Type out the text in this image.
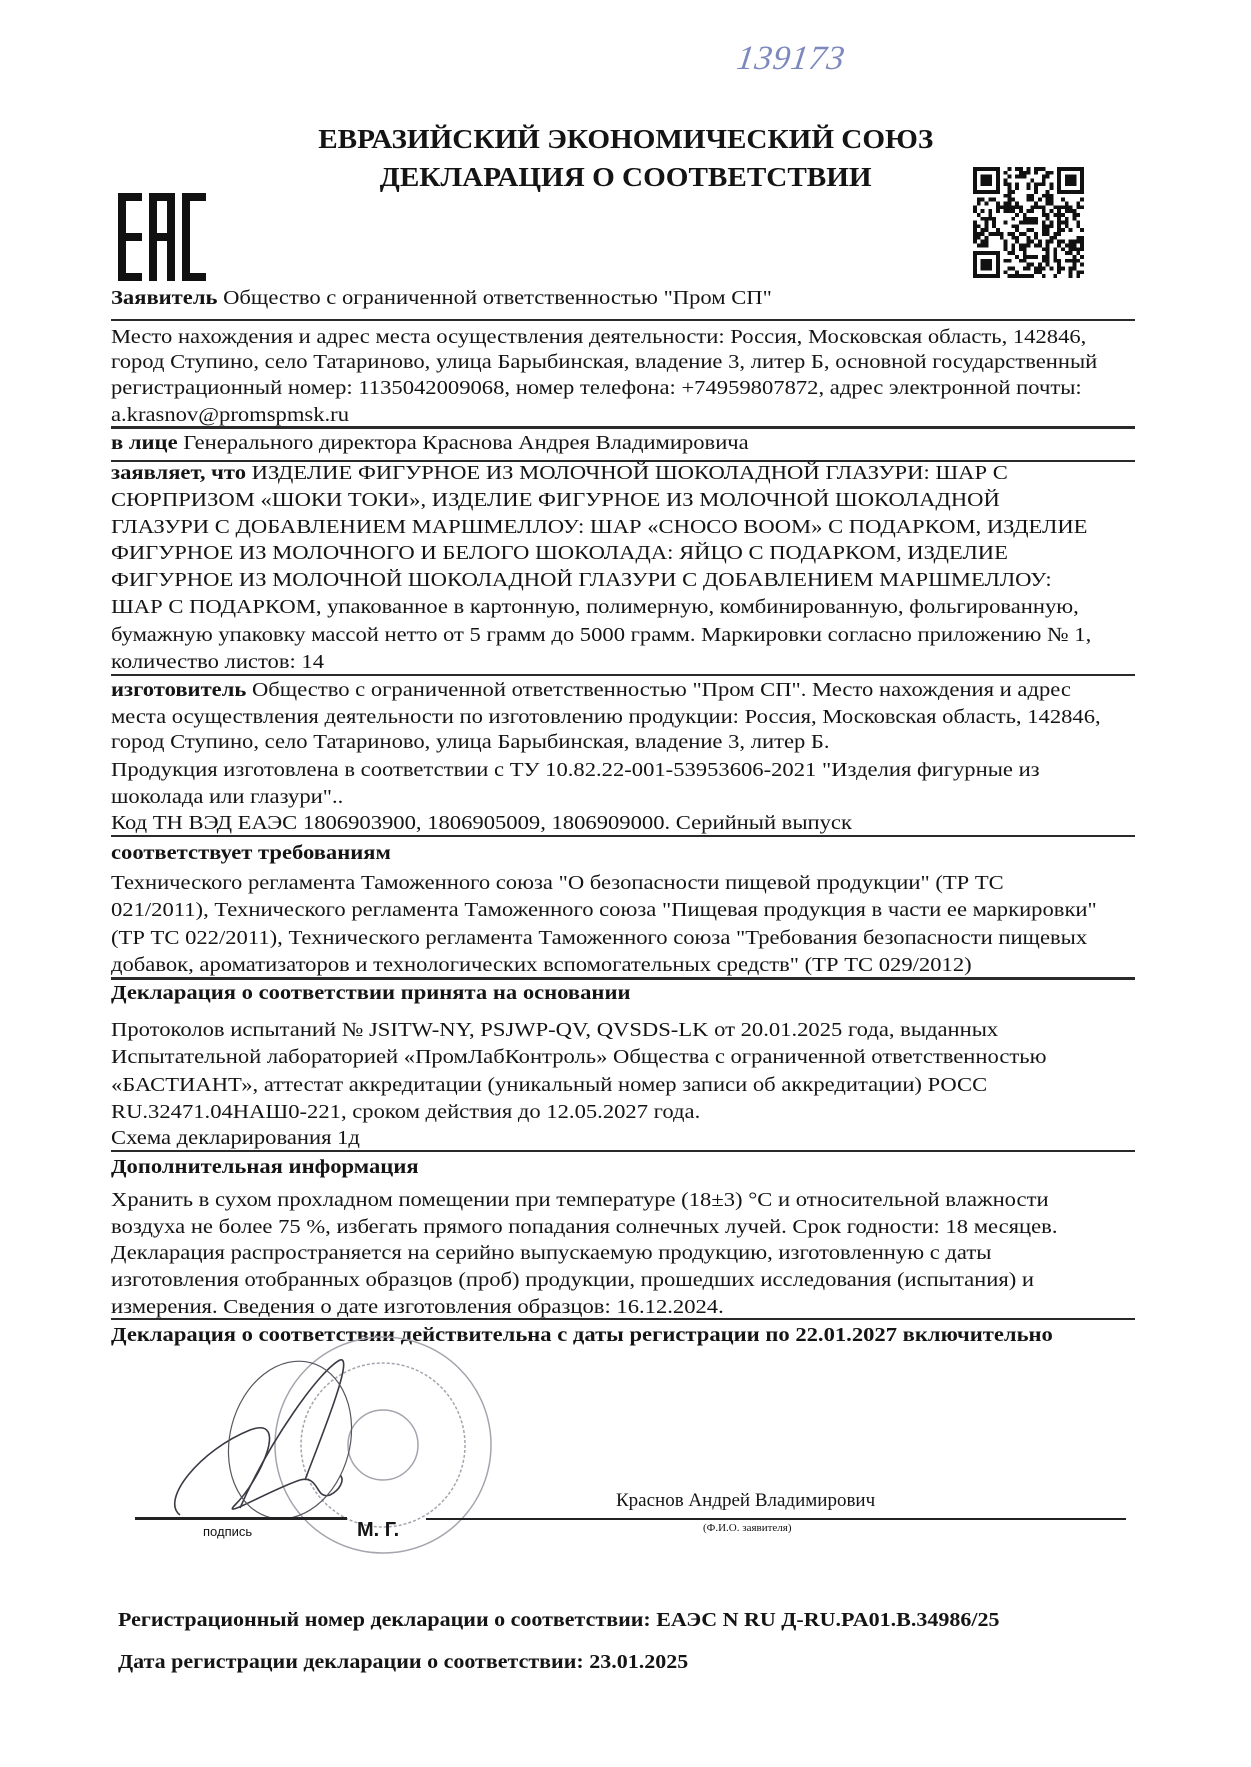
139173
ЕВРАЗИЙСКИЙ ЭКОНОМИЧЕСКИЙ СОЮЗ
ДЕКЛАРАЦИЯ О СООТВЕТСТВИИ
Заявитель Общество с ограниченной ответственностью "Пром СП"
Место нахождения и адрес места осуществления деятельности: Россия, Московская область, 142846,
город Ступино, село Татариново, улица Барыбинская, владение 3, литер Б, основной государственный
регистрационный номер: 1135042009068, номер телефона: +74959807872, адрес электронной почты:
a.krasnov@promspmsk.ru
в лице Генерального директора Краснова Андрея Владимировича
заявляет, что ИЗДЕЛИЕ ФИГУРНОЕ ИЗ МОЛОЧНОЙ ШОКОЛАДНОЙ ГЛАЗУРИ: ШАР С
СЮРПРИЗОМ «ШОКИ ТОКИ», ИЗДЕЛИЕ ФИГУРНОЕ ИЗ МОЛОЧНОЙ ШОКОЛАДНОЙ
ГЛАЗУРИ С ДОБАВЛЕНИЕМ МАРШМЕЛЛОУ: ШАР «CHOCO BOOM» С ПОДАРКОМ, ИЗДЕЛИЕ
ФИГУРНОЕ ИЗ МОЛОЧНОГО И БЕЛОГО ШОКОЛАДА: ЯЙЦО С ПОДАРКОМ, ИЗДЕЛИЕ
ФИГУРНОЕ ИЗ МОЛОЧНОЙ ШОКОЛАДНОЙ ГЛАЗУРИ С ДОБАВЛЕНИЕМ МАРШМЕЛЛОУ:
ШАР С ПОДАРКОМ, упакованное в картонную, полимерную, комбинированную, фольгированную,
бумажную упаковку массой нетто от 5 грамм до 5000 грамм. Маркировки согласно приложению № 1,
количество листов: 14
изготовитель Общество с ограниченной ответственностью "Пром СП". Место нахождения и адрес
места осуществления деятельности по изготовлению продукции: Россия, Московская область, 142846,
город Ступино, село Татариново, улица Барыбинская, владение 3, литер Б.
Продукция изготовлена в соответствии с ТУ 10.82.22-001-53953606-2021 "Изделия фигурные из
шоколада или глазури"..
Код ТН ВЭД ЕАЭС 1806903900, 1806905009, 1806909000. Серийный выпуск
соответствует требованиям
Технического регламента Таможенного союза "О безопасности пищевой продукции" (ТР ТС
021/2011), Технического регламента Таможенного союза "Пищевая продукция в части ее маркировки"
(ТР ТС 022/2011), Технического регламента Таможенного союза "Требования безопасности пищевых
добавок, ароматизаторов и технологических вспомогательных средств" (ТР ТС 029/2012)
Декларация о соответствии принята на основании
Протоколов испытаний № JSITW-NY, PSJWP-QV, QVSDS-LK от 20.01.2025 года, выданных
Испытательной лабораторией «ПромЛабКонтроль» Общества с ограниченной ответственностью
«БАСТИАНТ», аттестат аккредитации (уникальный номер записи об аккредитации) РОСС
RU.32471.04НАШ0-221, сроком действия до 12.05.2027 года.
Схема декларирования 1д
Дополнительная информация
Хранить в сухом прохладном помещении при температуре (18±3) °С и относительной влажности
воздуха не более 75 %, избегать прямого попадания солнечных лучей. Срок годности: 18 месяцев.
Декларация распространяется на серийно выпускаемую продукцию, изготовленную с даты
изготовления отобранных образцов (проб) продукции, прошедших исследования (испытания) и
измерения. Сведения о дате изготовления образцов: 16.12.2024.
Декларация о соответствии действительна с даты регистрации по 22.01.2027 включительно
Краснов Андрей Владимирович
подпись	М. Г.	(Ф.И.О. заявителя)
Регистрационный номер декларации о соответствии: ЕАЭС N RU Д-RU.PA01.B.34986/25
Дата регистрации декларации о соответствии: 23.01.2025
